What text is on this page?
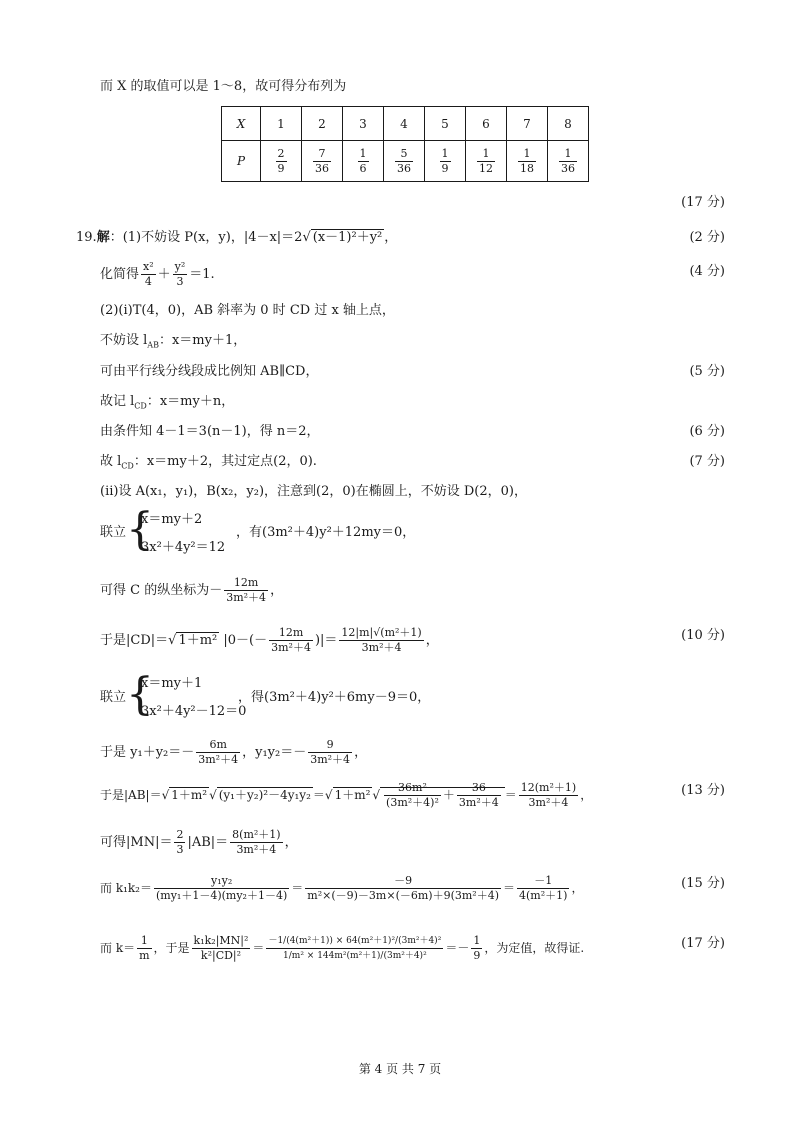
而 X 的取值可以是 1～8，故可得分布列为
X	1	2	3	4	5	6	7	8
P	$\frac{2}{9}$	$\frac{7}{36}$	$\frac{1}{6}$	$\frac{5}{36}$	$\frac{1}{9}$	$\frac{1}{12}$	$\frac{1}{18}$	$\frac{1}{36}$
(17 分)
19.解：(1)不妨设 P(x，y)，|4－x|＝2√ (x－1)²＋y² ，	(2 分)
化简得 $\frac{\text{x²}}{4} + \frac{\text{y²}}{3} =1$.	(4 分)
(2)(ⅰ)T(4，0)，AB 斜率为 0 时 CD 过 x 轴上点，
不妨设 $l_{AB}$：x＝my＋1，
可由平行线分线段成比例知 AB∥CD，	(5 分)
故记 $l_{CD}$：x＝my＋n，
由条件知 4－1＝3(n－1)，得 n＝2，	(6 分)
故 $l_{CD}$：x＝my＋2，其过定点(2，0).	(7 分)
(ⅱ)设 A(x₁，y₁)，B(x₂，y₂)，注意到(2，0)在椭圆上，不妨设 D(2，0)，
联立 {
x＝my＋2
3x²＋4y²＝12
，有(3m²＋4)y²＋12my＝0，
可得 C 的纵坐标为－ $\frac{12m}{\text{3m²＋4}}$ ，
于是|CD|＝√ 1＋m² $|0-(- \frac{12m}{\text{3m²＋4}}$ )|＝ $\frac{\text{12|m|√(m²＋1)}}{\text{3m²＋4}}$ ，	(10 分)
联立 {
x＝my＋1
3x²＋4y²－12＝0
，得(3m²＋4)y²＋6my－9＝0，
于是 $y_1+y_2=- \frac{6m}{\text{3m²＋4}}$ ，$y_1y_2=- \frac{9}{\text{3m²＋4}}$ ，
于是|AB|＝√ 1＋m² √ (y₁＋y₂)²－4y₁y₂ ＝√ 1＋m² √ $\frac{\text{36m²}}{\text{(3m²＋4)²}} + \frac{36}{\text{3m²＋4}} = \frac{\text{12(m²＋1)}}{\text{3m²＋4}}$ ，	(13 分)
可得$|MN|= \frac{2}{3} |AB|= \frac{\text{8(m²＋1)}}{\text{3m²＋4}}$ ，
而 $k_1k_2= \frac{\text{y₁y₂}}{\text{(my₁＋1－4)(my₂＋1－4)}} = \frac{-9}{\text{m²×(－9)－3m×(－6m)＋9(3m²＋4)}} = \frac{-1}{\text{4(m²＋1)}}$ ，	(15 分)
而 $k= \frac{1}{m}$ ，于是 $\frac{\text{k₁k₂|MN|²}}{\text{k²|CD|²}} = \frac{\text{－1/(4(m²＋1)) × 64(m²＋1)²/(3m²＋4)²}}{\text{1/m² × 144m²(m²＋1)/(3m²＋4)²}} =- \frac{1}{9}$ ，为定值，故得证.	(17 分)
第 4 页 共 7 页
